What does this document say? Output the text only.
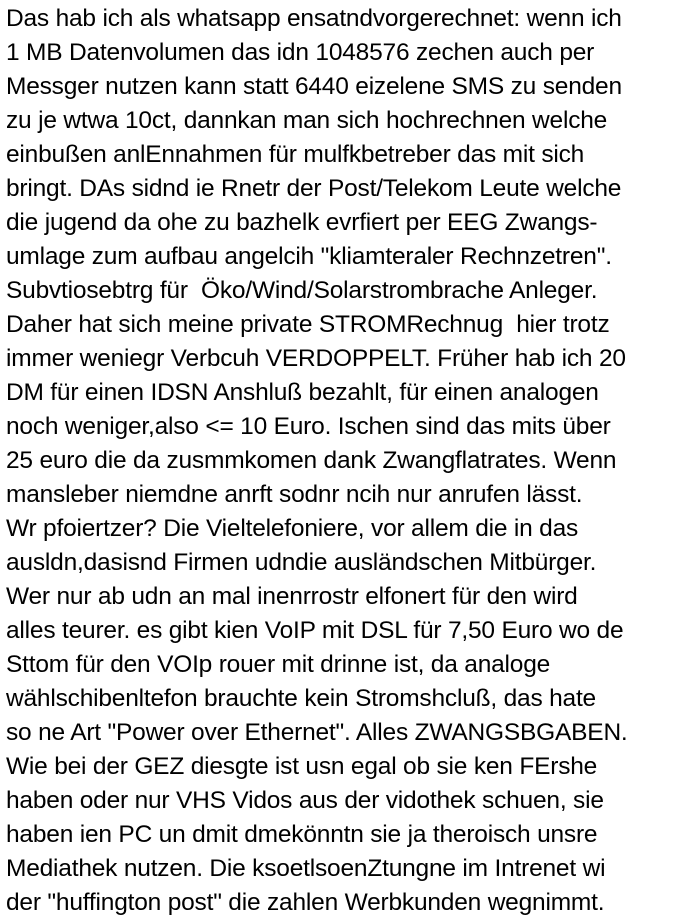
Das hab ich als whatsapp ensatndvorgerechnet: wenn ich
1 MB Datenvolumen das idn 1048576 zechen auch per
Messger nutzen kann statt 6440 eizelene SMS zu senden
zu je wtwa 10ct, dannkan man sich hochrechnen welche
einbußen anlEnnahmen für mulfkbetreber das mit sich
bringt. DAs sidnd ie Rnetr der Post/Telekom Leute welche
die jugend da ohe zu bazhelk evrfiert per EEG Zwangs-
umlage zum aufbau angelcih "kliamteraler Rechnzetren".
Subvtiosebtrg für  Öko/Wind/Solarstrombrache Anleger.
Daher hat sich meine private STROMRechnug  hier trotz
immer weniegr Verbcuh VERDOPPELT. Früher hab ich 20
DM für einen IDSN Anshluß bezahlt, für einen analogen
noch weniger,also <= 10 Euro. Ischen sind das mits über
25 euro die da zusmmkomen dank Zwangflatrates. Wenn
mansleber niemdne anrft sodnr ncih nur anrufen lässt.
Wr pfoiertzer? Die Vieltelefoniere, vor allem die in das
ausldn,dasisnd Firmen udndie ausländschen Mitbürger.
Wer nur ab udn an mal inenrrostr elfonert für den wird
alles teurer. es gibt kien VoIP mit DSL für 7,50 Euro wo de
Sttom für den VOIp rouer mit drinne ist, da analoge
wählschibenltefon brauchte kein Stromshcluß, das hate
so ne Art "Power over Ethernet". Alles ZWANGSBGABEN.
Wie bei der GEZ diesgte ist usn egal ob sie ken FErshe
haben oder nur VHS Vidos aus der vidothek schuen, sie
haben ien PC un dmit dmekönntn sie ja theroisch unsre
Mediathek nutzen. Die ksoetlsoenZtungne im Intrenet wi
der "huffington post" die zahlen Werbkunden wegnimmt.
